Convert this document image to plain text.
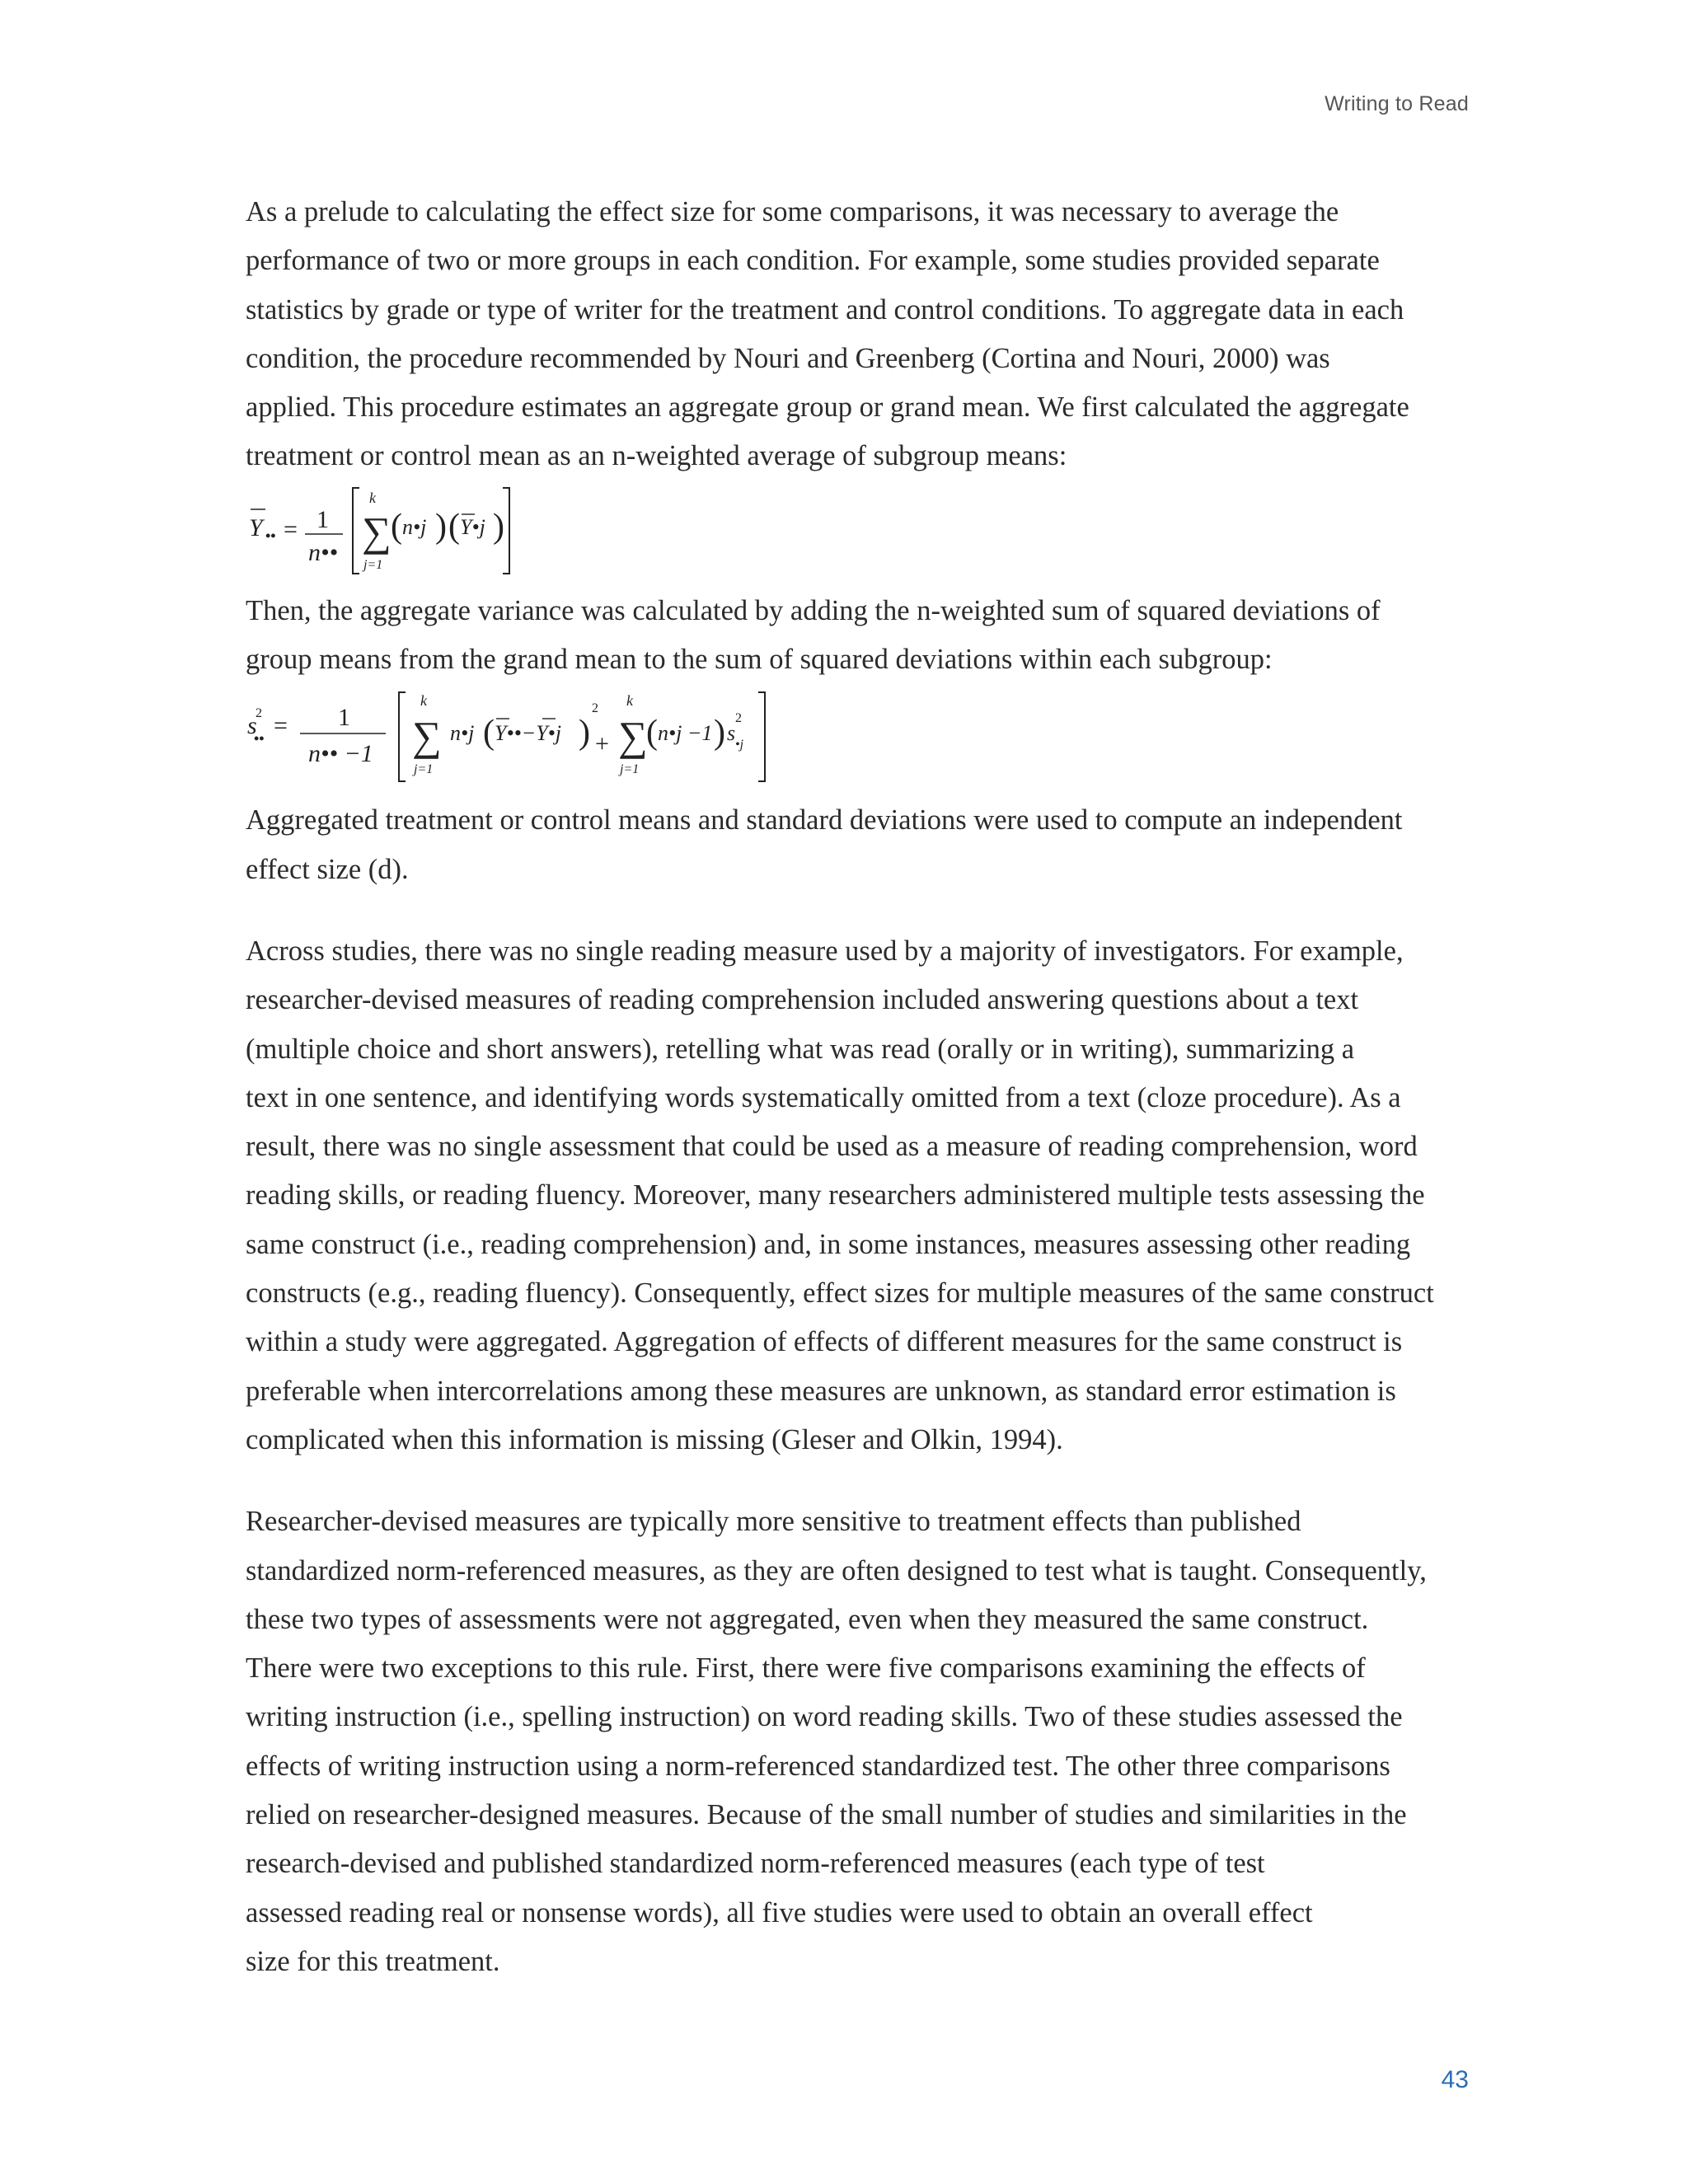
Writing to Read

As a prelude to calculating the effect size for some comparisons, it was necessary to average the
performance of two or more groups in each condition. For example, some studies provided separate
statistics by grade or type of writer for the treatment and control conditions. To aggregate data in each
condition, the procedure recommended by Nouri and Greenberg (Cortina and Nouri, 2000) was
applied. This procedure estimates an aggregate group or grand mean. We first calculated the aggregate
treatment or control mean as an n-weighted average of subgroup means:

Y •• = 1
n••
k
∑
j=1
( n•j ) ( Y•j )

Then, the aggregate variance was calculated by adding the n-weighted sum of squared deviations of
group means from the grand mean to the sum of squared deviations within each subgroup:

s
2
•• = 1
n•• −1
k
∑
j=1
n•j ( Y••−Y•j )
2
+
k
∑
j=1
( n•j −1 ) s
2
•j

Aggregated treatment or control means and standard deviations were used to compute an independent
effect size (d).

Across studies, there was no single reading measure used by a majority of investigators. For example,
researcher-devised measures of reading comprehension included answering questions about a text
(multiple choice and short answers), retelling what was read (orally or in writing), summarizing a
text in one sentence, and identifying words systematically omitted from a text (cloze procedure). As a
result, there was no single assessment that could be used as a measure of reading comprehension, word
reading skills, or reading fluency. Moreover, many researchers administered multiple tests assessing the
same construct (i.e., reading comprehension) and, in some instances, measures assessing other reading
constructs (e.g., reading fluency). Consequently, effect sizes for multiple measures of the same construct
within a study were aggregated. Aggregation of effects of different measures for the same construct is
preferable when intercorrelations among these measures are unknown, as standard error estimation is
complicated when this information is missing (Gleser and Olkin, 1994).

Researcher-devised measures are typically more sensitive to treatment effects than published
standardized norm-referenced measures, as they are often designed to test what is taught. Consequently,
these two types of assessments were not aggregated, even when they measured the same construct.
There were two exceptions to this rule. First, there were five comparisons examining the effects of
writing instruction (i.e., spelling instruction) on word reading skills. Two of these studies assessed the
effects of writing instruction using a norm-referenced standardized test. The other three comparisons
relied on researcher-designed measures. Because of the small number of studies and similarities in the
research-devised and published standardized norm-referenced measures (each type of test
assessed reading real or nonsense words), all five studies were used to obtain an overall effect
size for this treatment.

43
